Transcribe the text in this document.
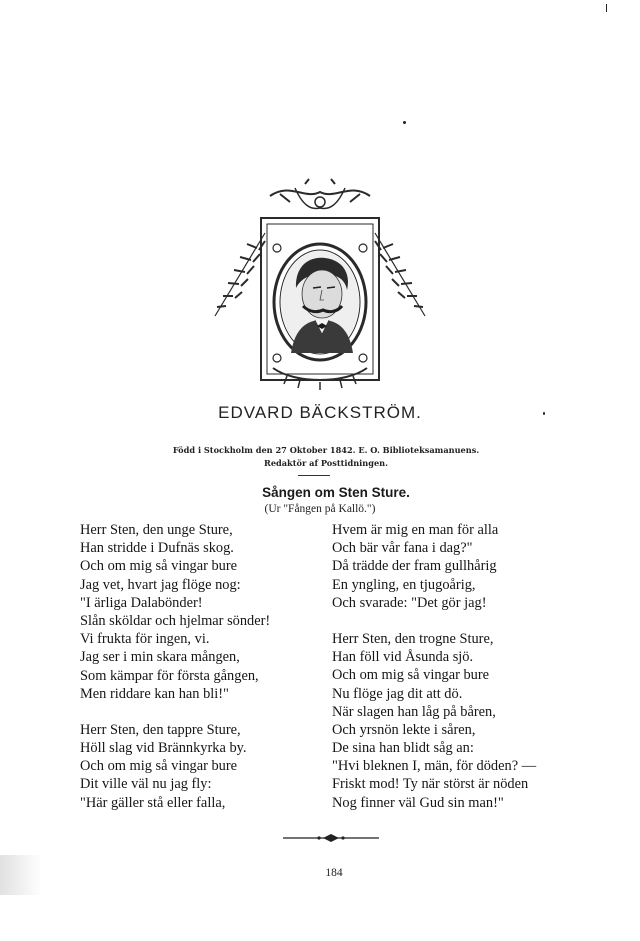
EDVARD BÄCKSTRÖM.
Född i Stockholm den 27 Oktober 1842. E. O. Biblioteksamanuens.
Redaktör af Posttidningen.
Sången om Sten Sture.
(Ur "Fången på Kallö.")
Herr Sten, den unge Sture,
Han stridde i Dufnäs skog.
Och om mig så vingar bure
Jag vet, hvart jag flöge nog:
"I ärliga Dalabönder!
Slån sköldar och hjelmar sönder!
Vi frukta för ingen, vi.
Jag ser i min skara mången,
Som kämpar för första gången,
Men riddare kan han bli!"
Herr Sten, den tappre Sture,
Höll slag vid Brännkyrka by.
Och om mig så vingar bure
Dit ville väl nu jag fly:
"Här gäller stå eller falla,
Hvem är mig en man för alla
Och bär vår fana i dag?"
Då trädde der fram gullhårig
En yngling, en tjugoårig,
Och svarade: "Det gör jag!
Herr Sten, den trogne Sture,
Han föll vid Åsunda sjö.
Och om mig så vingar bure
Nu flöge jag dit att dö.
När slagen han låg på båren,
Och yrsnön lekte i såren,
De sina han blidt såg an:
"Hvi bleknen I, män, för döden? —
Friskt mod! Ty när störst är nöden
Nog finner väl Gud sin man!"
184
